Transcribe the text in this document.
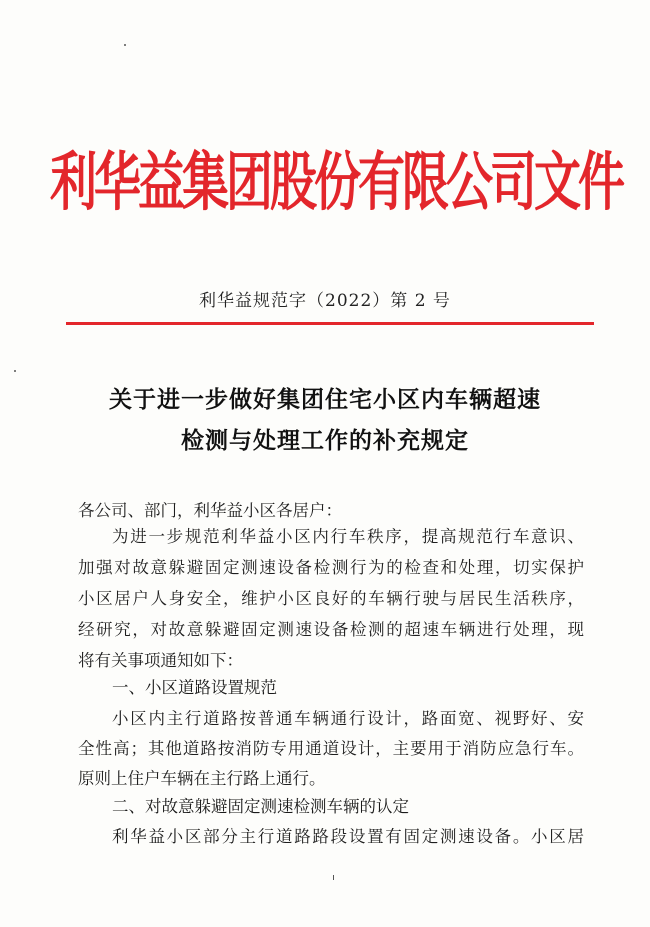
利华益集团股份有限公司文件
利华益规范字（2022）第 2 号
关于进一步做好集团住宅小区内车辆超速
检测与处理工作的补充规定
各公司、部门，利华益小区各居户：
为进一步规范利华益小区内行车秩序，提高规范行车意识、
加强对故意躲避固定测速设备检测行为的检查和处理，切实保护
小区居户人身安全，维护小区良好的车辆行驶与居民生活秩序，
经研究，对故意躲避固定测速设备检测的超速车辆进行处理，现
将有关事项通知如下：
一、小区道路设置规范
小区内主行道路按普通车辆通行设计，路面宽、视野好、安
全性高；其他道路按消防专用通道设计，主要用于消防应急行车。
原则上住户车辆在主行路上通行。
二、对故意躲避固定测速检测车辆的认定
利华益小区部分主行道路路段设置有固定测速设备。小区居
